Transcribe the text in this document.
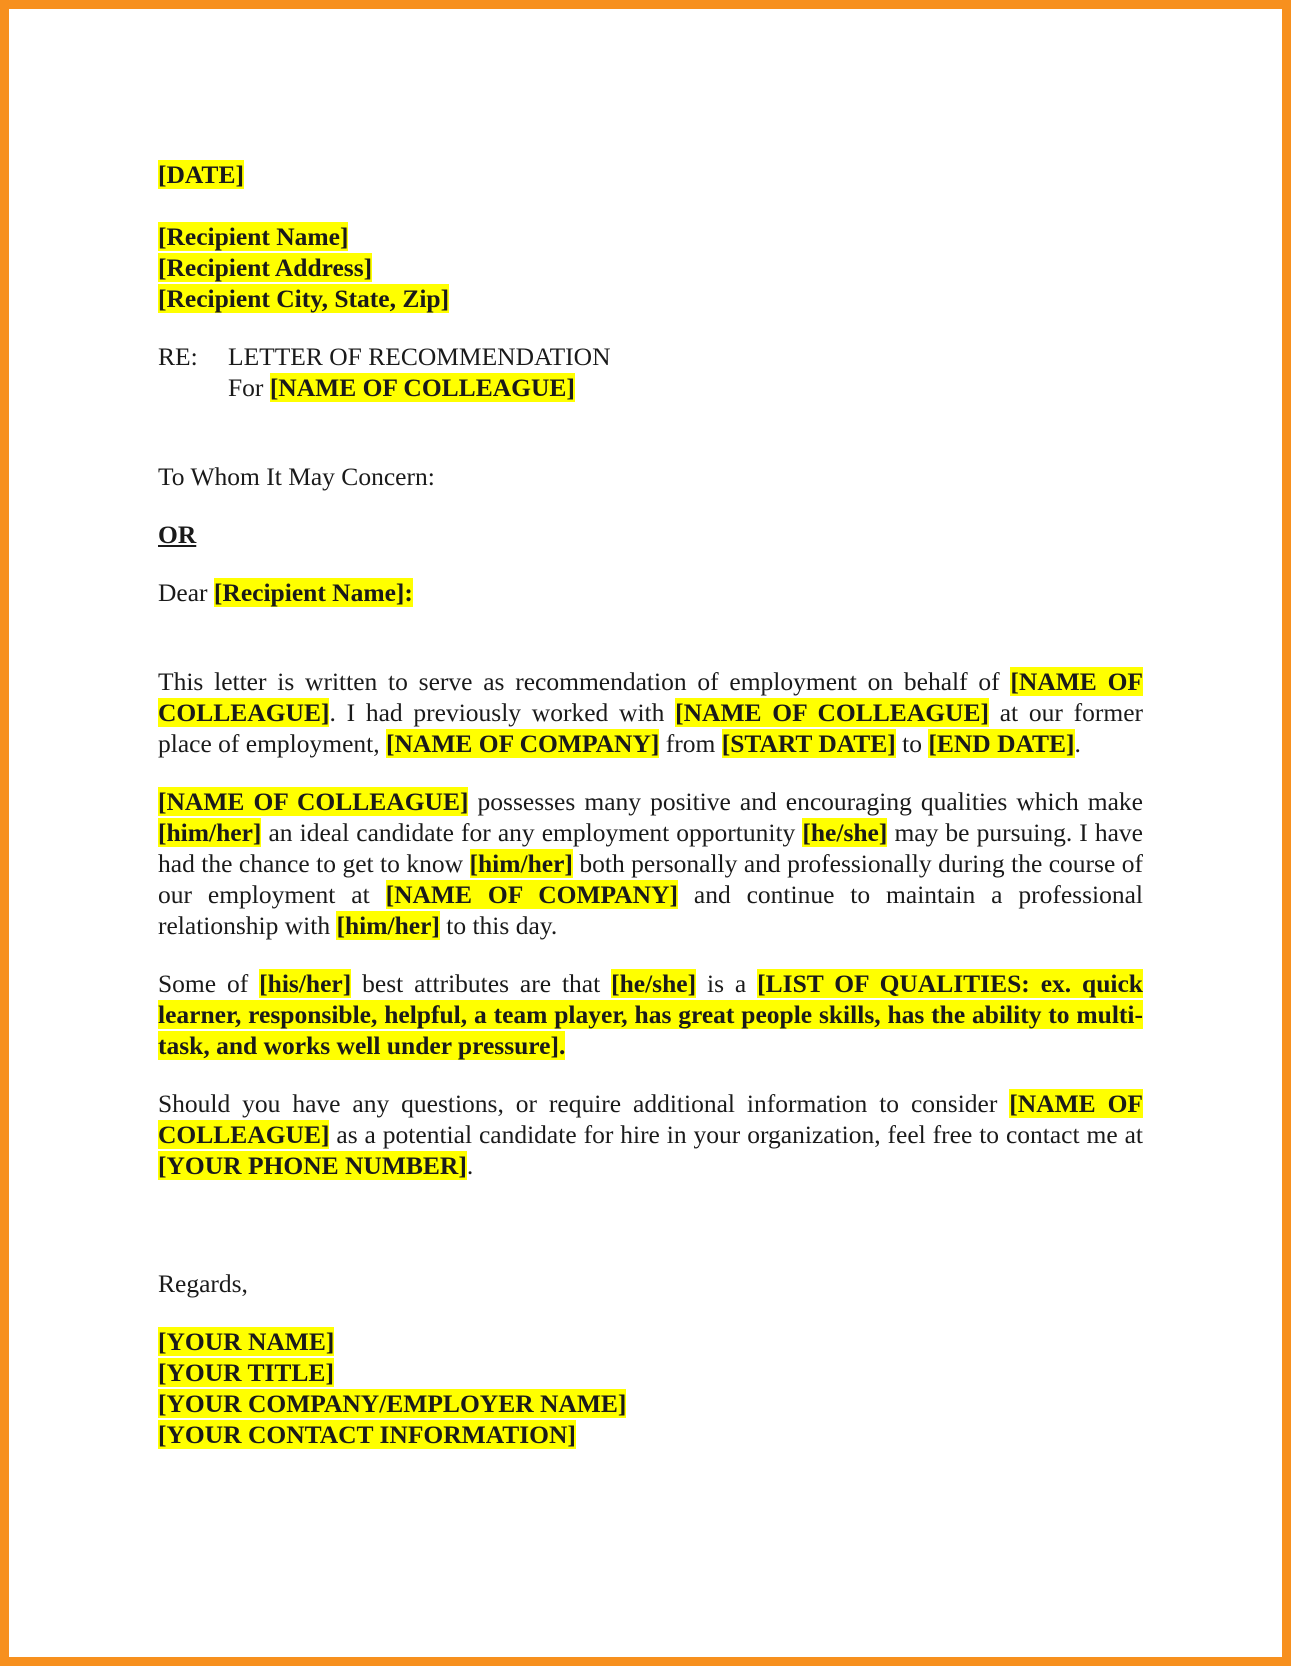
[DATE]

[Recipient Name]

[Recipient Address]

[Recipient City, State, Zip]

RE:	LETTER OF RECOMMENDATION
For [NAME OF COLLEAGUE]

To Whom It May Concern:

OR

Dear [Recipient Name]:

This letter is written to serve as recommendation of employment on behalf of [NAME OF COLLEAGUE]. I had previously worked with [NAME OF COLLEAGUE] at our former place of employment, [NAME OF COMPANY] from [START DATE] to [END DATE].

[NAME OF COLLEAGUE] possesses many positive and encouraging qualities which make [him/her] an ideal candidate for any employment opportunity [he/she] may be pursuing. I have had the chance to get to know [him/her] both personally and professionally during the course of our employment at [NAME OF COMPANY] and continue to maintain a professional relationship with [him/her] to this day.

Some of [his/her] best attributes are that [he/she] is a [LIST OF QUALITIES: ex. quick learner, responsible, helpful, a team player, has great people skills, has the ability to multi-task, and works well under pressure].

Should you have any questions, or require additional information to consider [NAME OF COLLEAGUE] as a potential candidate for hire in your organization, feel free to contact me at [YOUR PHONE NUMBER].

Regards,

[YOUR NAME]

[YOUR TITLE]

[YOUR COMPANY/EMPLOYER NAME]

[YOUR CONTACT INFORMATION]
